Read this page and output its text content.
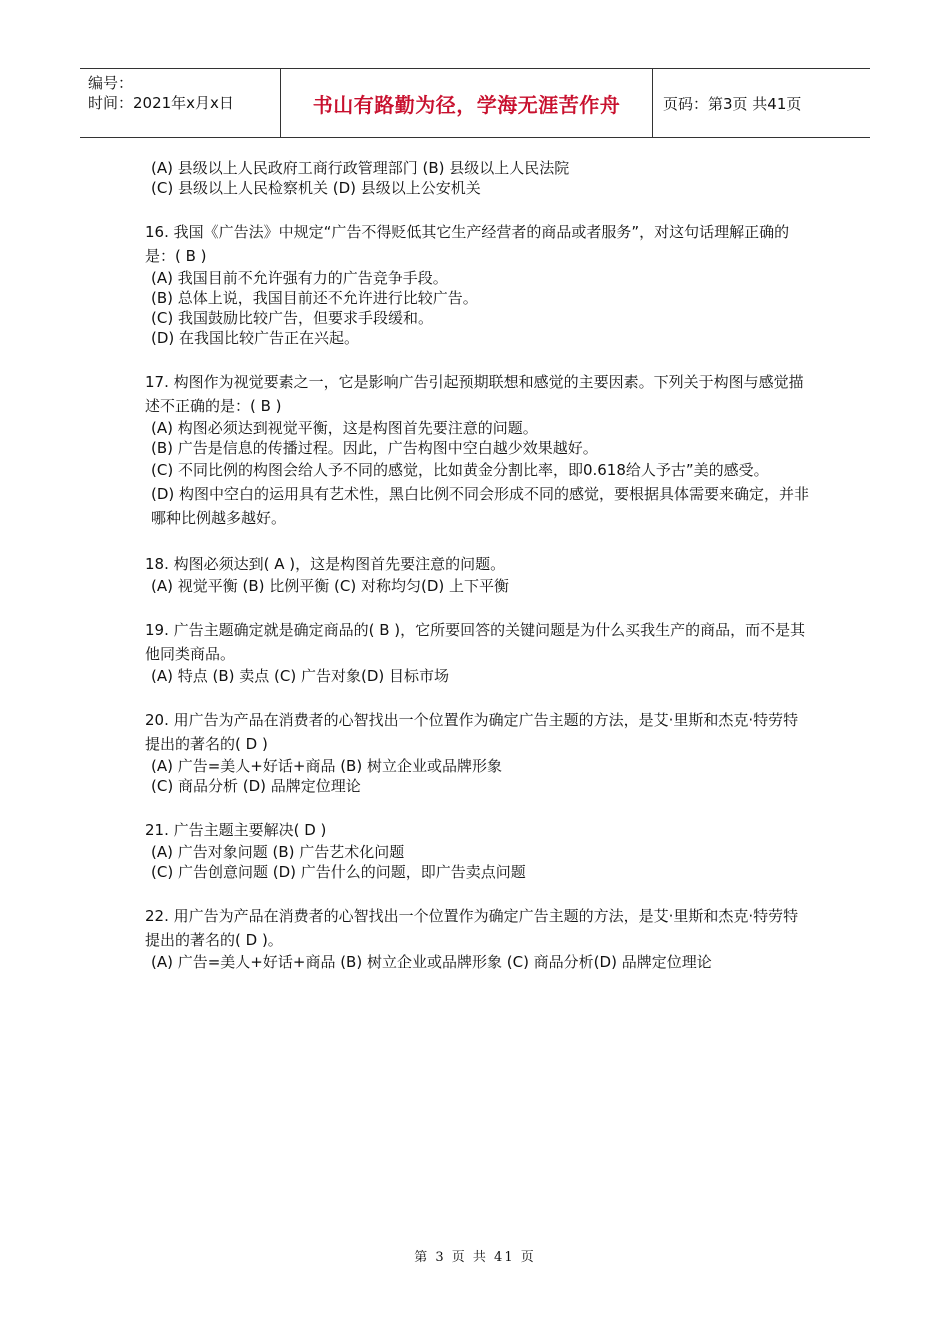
编号：
时间：2021年x月x日	书山有路勤为径，学海无涯苦作舟	页码：第3页 共41页

(A) 县级以上人民政府工商行政管理部门 (B) 县级以上人民法院

(C) 县级以上人民检察机关 (D) 县级以上公安机关

16. 我国《广告法》中规定“广告不得贬低其它生产经营者的商品或者服务”，对这句话理解正确的是：( B )

(A) 我国目前不允许强有力的广告竞争手段。

(B) 总体上说，我国目前还不允许进行比较广告。

(C) 我国鼓励比较广告，但要求手段缓和。

(D) 在我国比较广告正在兴起。

17. 构图作为视觉要素之一，它是影响广告引起预期联想和感觉的主要因素。下列关于构图与感觉描述不正确的是：( B )

(A) 构图必须达到视觉平衡，这是构图首先要注意的问题。

(B) 广告是信息的传播过程。因此，广告构图中空白越少效果越好。

(C) 不同比例的构图会给人予不同的感觉，比如黄金分割比率，即0.618给人予古”美的感受。

(D) 构图中空白的运用具有艺术性，黑白比例不同会形成不同的感觉，要根据具体需要来确定，并非哪种比例越多越好。

18. 构图必须达到( A )，这是构图首先要注意的问题。

(A) 视觉平衡 (B) 比例平衡 (C) 对称均匀(D) 上下平衡

19. 广告主题确定就是确定商品的( B )，它所要回答的关键问题是为什么买我生产的商品，而不是其他同类商品。

(A) 特点 (B) 卖点 (C) 广告对象(D) 目标市场

20. 用广告为产品在消费者的心智找出一个位置作为确定广告主题的方法，是艾·里斯和杰克·特劳特提出的著名的( D )

(A) 广告=美人+好话+商品 (B) 树立企业或品牌形象

(C) 商品分析 (D) 品牌定位理论

21. 广告主题主要解决( D )

(A) 广告对象问题 (B) 广告艺术化问题

(C) 广告创意问题 (D) 广告什么的问题，即广告卖点问题

22. 用广告为产品在消费者的心智找出一个位置作为确定广告主题的方法，是艾·里斯和杰克·特劳特提出的著名的( D )。

(A) 广告=美人+好话+商品 (B) 树立企业或品牌形象 (C) 商品分析(D) 品牌定位理论

第 3 页 共 41 页
